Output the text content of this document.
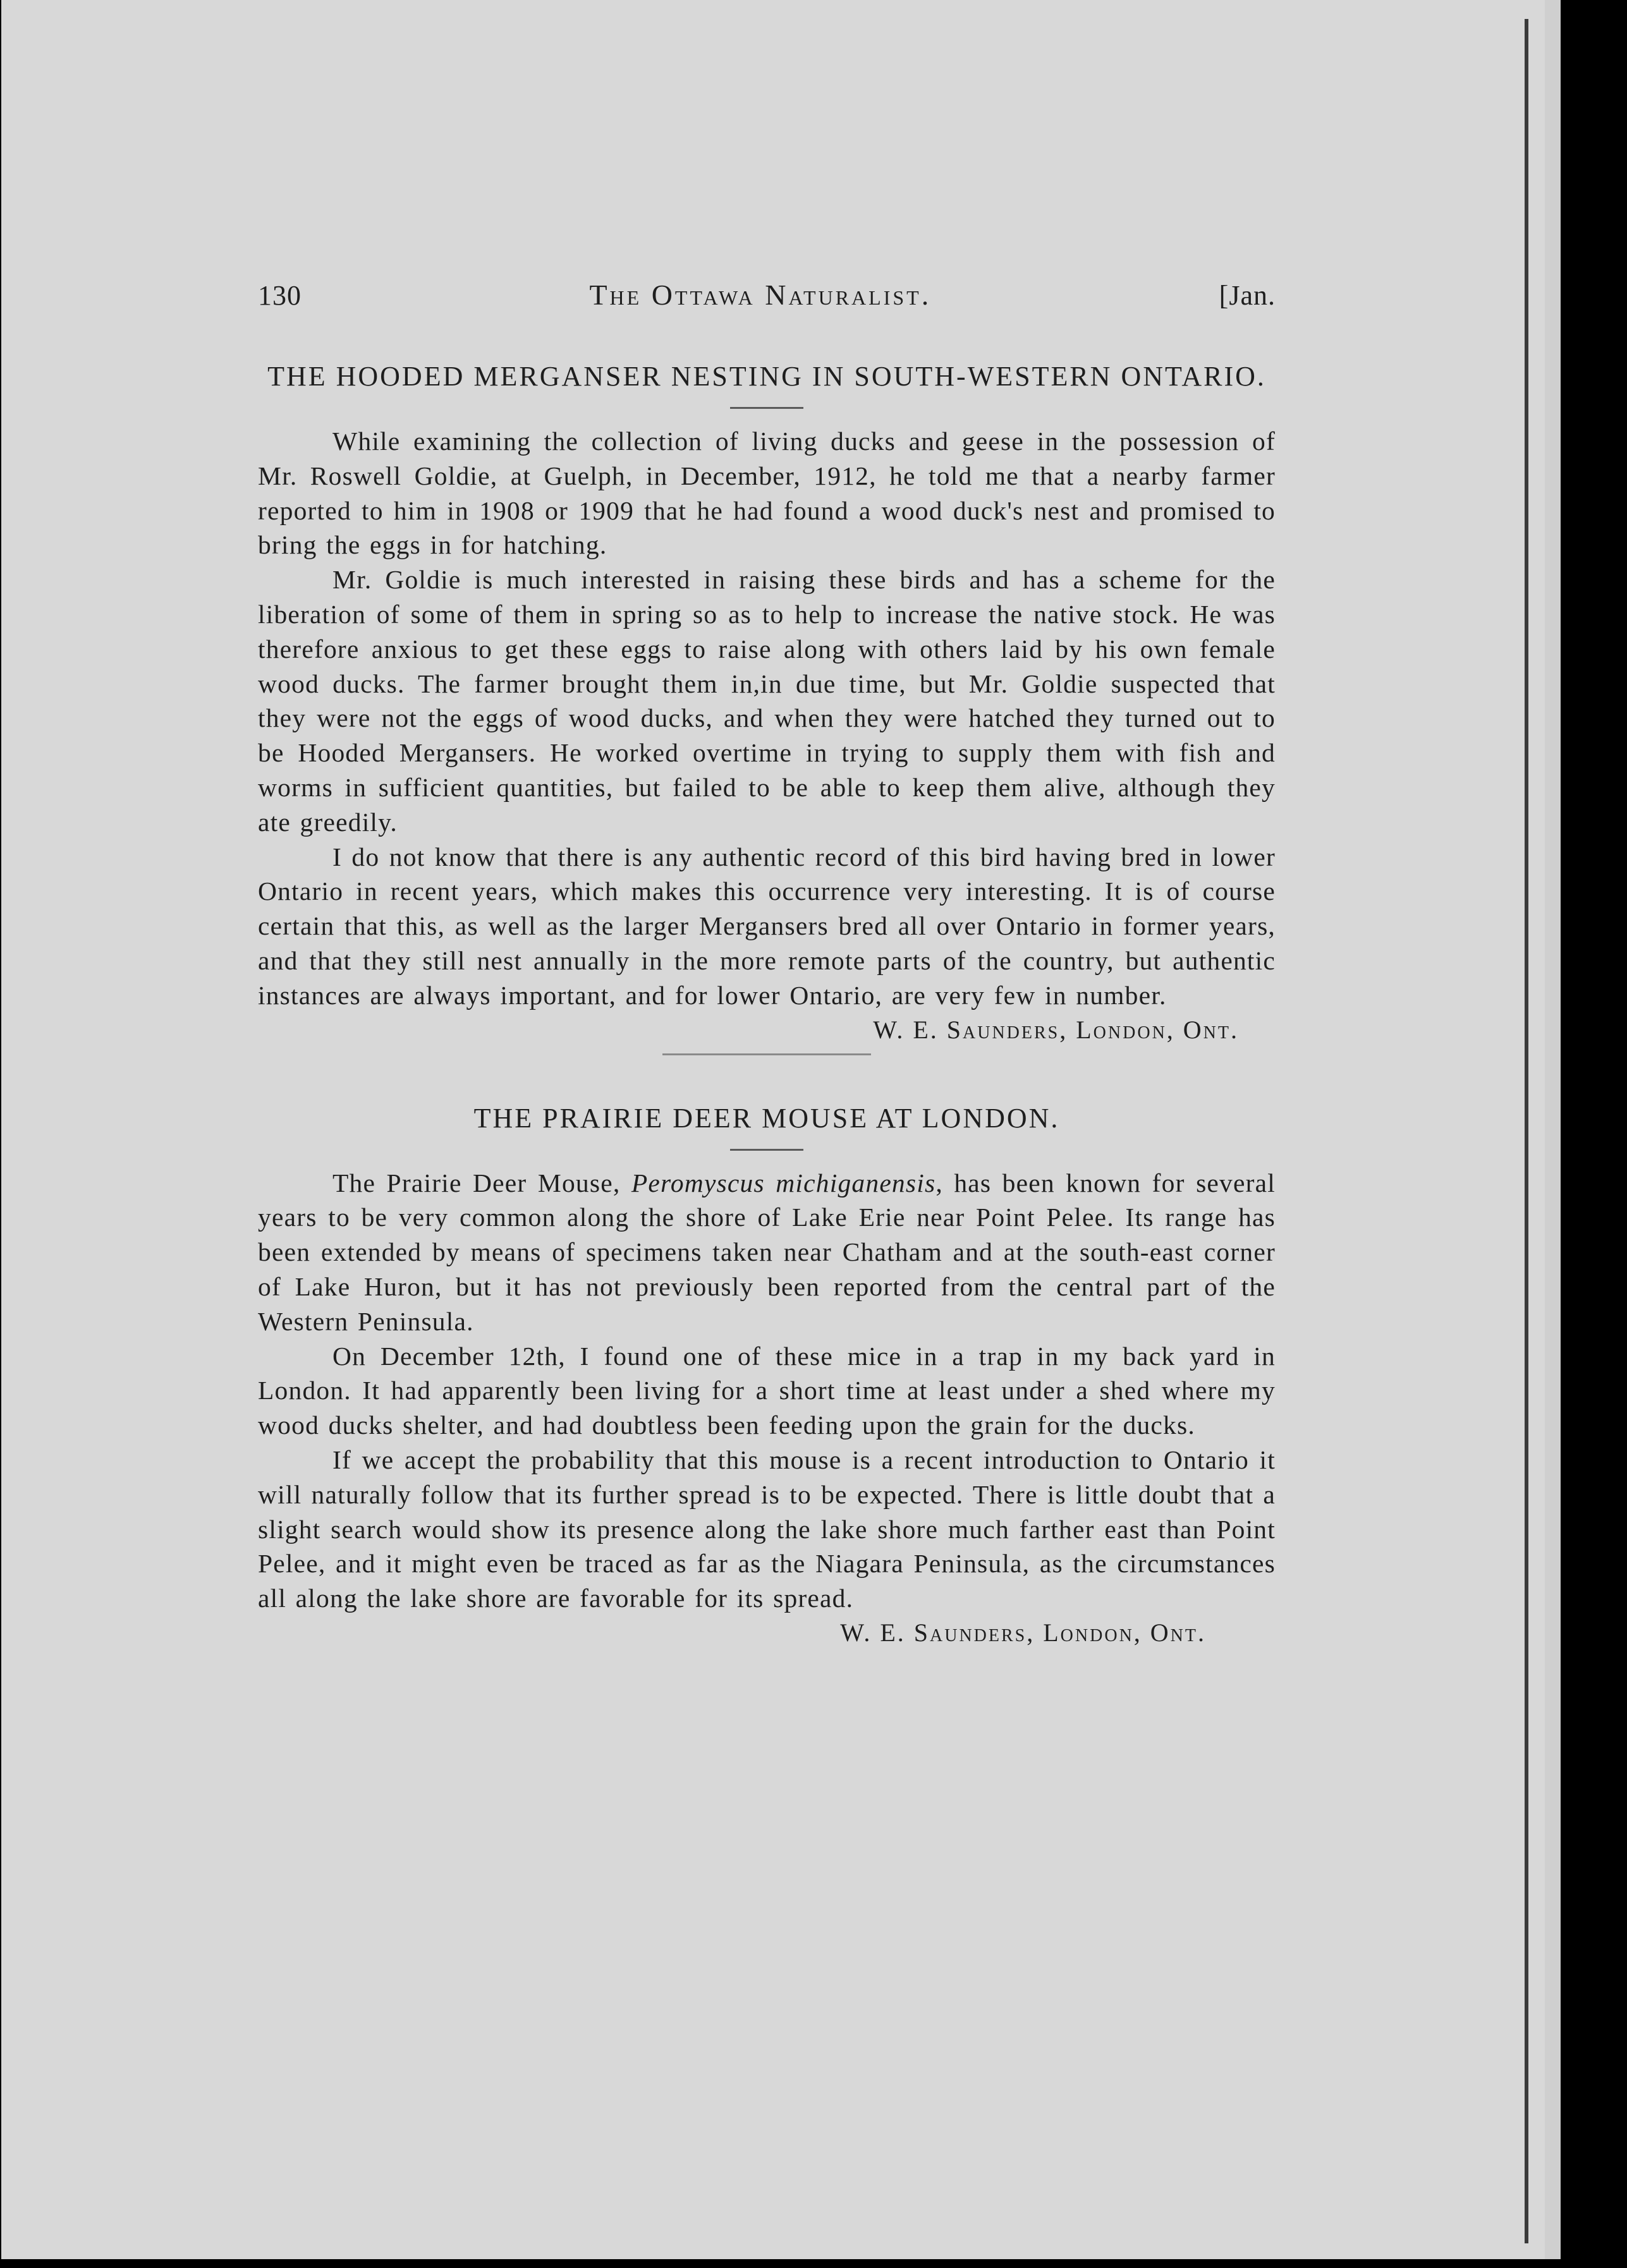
130	The Ottawa Naturalist.	[Jan.
THE HOODED MERGANSER NESTING IN SOUTH-WESTERN ONTARIO.

While examining the collection of living ducks and geese in the possession of Mr. Roswell Goldie, at Guelph, in December, 1912, he told me that a nearby farmer reported to him in 1908 or 1909 that he had found a wood duck's nest and promised to bring the eggs in for hatching.

Mr. Goldie is much interested in raising these birds and has a scheme for the liberation of some of them in spring so as to help to increase the native stock. He was therefore anxious to get these eggs to raise along with others laid by his own female wood ducks. The farmer brought them in,in due time, but Mr. Goldie suspected that they were not the eggs of wood ducks, and when they were hatched they turned out to be Hooded Mergansers. He worked overtime in trying to supply them with fish and worms in sufficient quantities, but failed to be able to keep them alive, although they ate greedily.

I do not know that there is any authentic record of this bird having bred in lower Ontario in recent years, which makes this occurrence very interesting. It is of course certain that this, as well as the larger Mergansers bred all over Ontario in former years, and that they still nest annually in the more remote parts of the country, but authentic instances are always important, and for lower Ontario, are very few in number.

W. E. Saunders, London, Ont.

THE PRAIRIE DEER MOUSE AT LONDON.

The Prairie Deer Mouse, Peromyscus michiganensis, has been known for several years to be very common along the shore of Lake Erie near Point Pelee. Its range has been extended by means of specimens taken near Chatham and at the south-east corner of Lake Huron, but it has not previously been reported from the central part of the Western Peninsula.

On December 12th, I found one of these mice in a trap in my back yard in London. It had apparently been living for a short time at least under a shed where my wood ducks shelter, and had doubtless been feeding upon the grain for the ducks.

If we accept the probability that this mouse is a recent introduction to Ontario it will naturally follow that its further spread is to be expected. There is little doubt that a slight search would show its presence along the lake shore much farther east than Point Pelee, and it might even be traced as far as the Niagara Peninsula, as the circumstances all along the lake shore are favorable for its spread.

W. E. Saunders, London, Ont.
